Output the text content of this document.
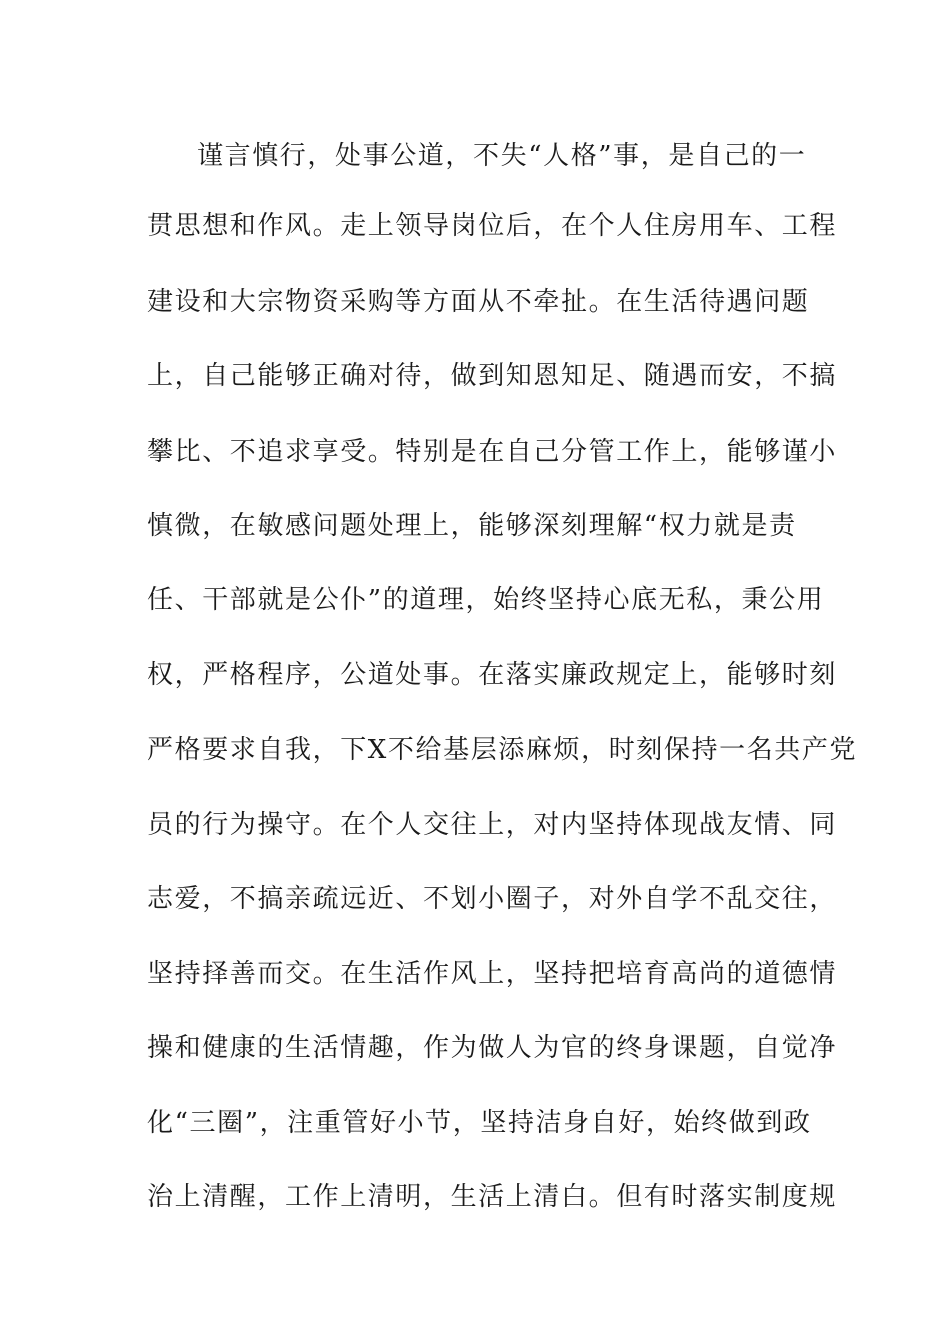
谨言慎行，处事公道，不失“人格”事，是自己的一
贯思想和作风。走上领导岗位后，在个人住房用车、工程
建设和大宗物资采购等方面从不牵扯。在生活待遇问题
上，自己能够正确对待，做到知恩知足、随遇而安，不搞
攀比、不追求享受。特别是在自己分管工作上，能够谨小
慎微，在敏感问题处理上，能够深刻理解“权力就是责
任、干部就是公仆”的道理，始终坚持心底无私，秉公用
权，严格程序，公道处事。在落实廉政规定上，能够时刻
严格要求自我，下X不给基层添麻烦，时刻保持一名共产党
员的行为操守。在个人交往上，对内坚持体现战友情、同
志爱，不搞亲疏远近、不划小圈子，对外自学不乱交往，
坚持择善而交。在生活作风上，坚持把培育高尚的道德情
操和健康的生活情趣，作为做人为官的终身课题，自觉净
化“三圈”，注重管好小节，坚持洁身自好，始终做到政
治上清醒，工作上清明，生活上清白。但有时落实制度规
